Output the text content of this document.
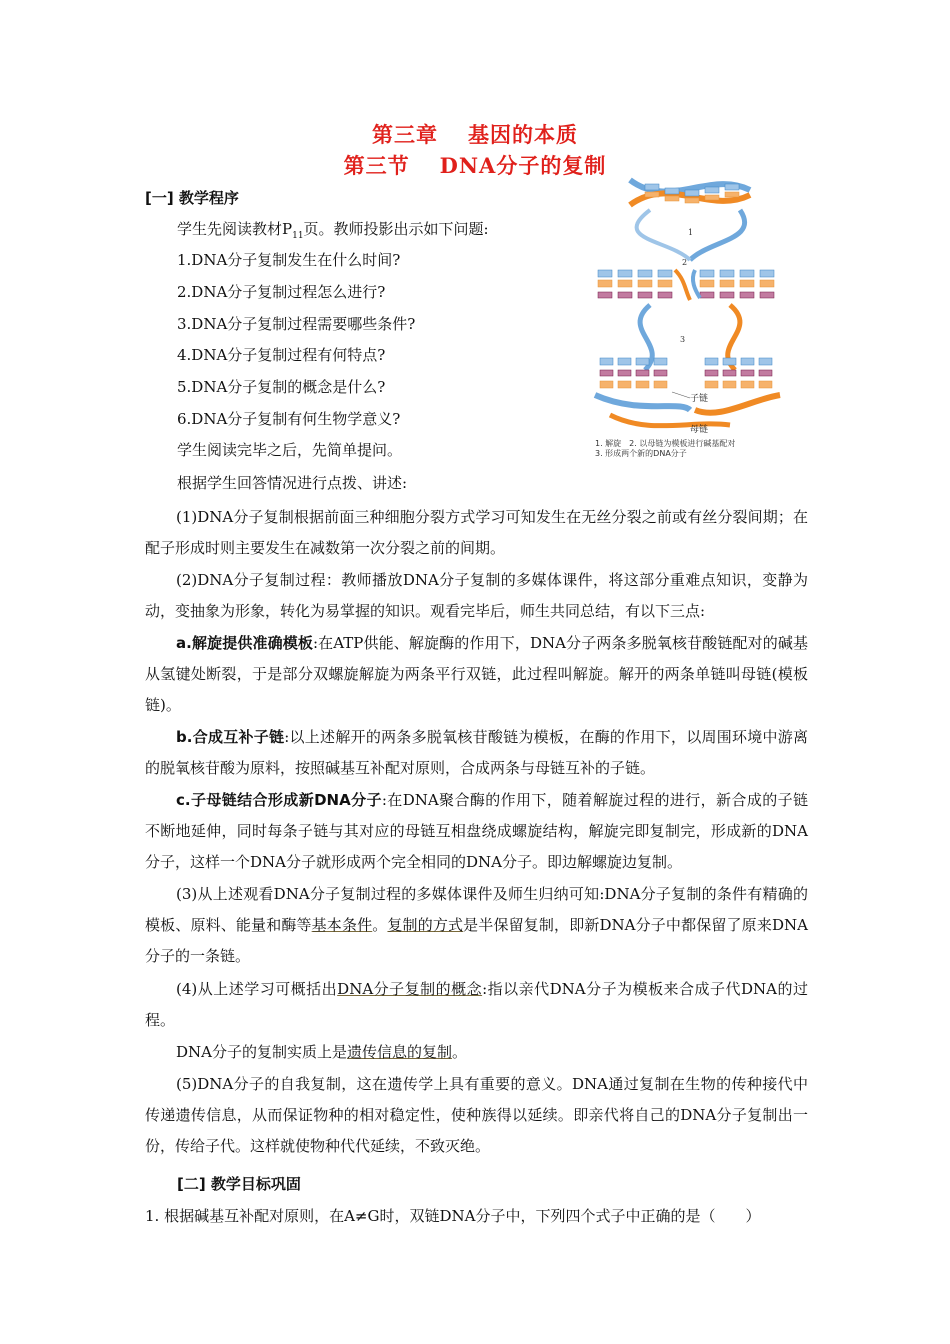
第三章 基因的本质
第三节 DNA分子的复制
[一] 教学程序
学生先阅读教材$P_{11}$页。教师投影出示如下问题:
1.DNA分子复制发生在什么时间?
2.DNA分子复制过程怎么进行?
3.DNA分子复制过程需要哪些条件?
4.DNA分子复制过程有何特点?
5.DNA分子复制的概念是什么?
6.DNA分子复制有何生物学意义?
学生阅读完毕之后，先简单提问。
根据学生回答情况进行点拨、讲述:
1
2
3
子链
母链
1. 解旋　2. 以母链为模板进行碱基配对
3. 形成两个新的DNA分子
(1)DNA分子复制根据前面三种细胞分裂方式学习可知发生在无丝分裂之前或有丝分裂间期；在配子形成时则主要发生在减数第一次分裂之前的间期。
(2)DNA分子复制过程：教师播放DNA分子复制的多媒体课件，将这部分重难点知识，变静为动，变抽象为形象，转化为易掌握的知识。观看完毕后，师生共同总结，有以下三点:
a.解旋提供准确模板:在ATP供能、解旋酶的作用下，DNA分子两条多脱氧核苷酸链配对的碱基从氢键处断裂，于是部分双螺旋解旋为两条平行双链，此过程叫解旋。解开的两条单链叫母链(模板链)。
b.合成互补子链:以上述解开的两条多脱氧核苷酸链为模板，在酶的作用下，以周围环境中游离的脱氧核苷酸为原料，按照碱基互补配对原则，合成两条与母链互补的子链。
c.子母链结合形成新DNA分子:在DNA聚合酶的作用下，随着解旋过程的进行，新合成的子链不断地延伸，同时每条子链与其对应的母链互相盘绕成螺旋结构，解旋完即复制完，形成新的DNA分子，这样一个DNA分子就形成两个完全相同的DNA分子。即边解螺旋边复制。
(3)从上述观看DNA分子复制过程的多媒体课件及师生归纳可知:DNA分子复制的条件有精确的模板、原料、能量和酶等基本条件。复制的方式是半保留复制，即新DNA分子中都保留了原来DNA分子的一条链。
(4)从上述学习可概括出DNA分子复制的概念:指以亲代DNA分子为模板来合成子代DNA的过程。
DNA分子的复制实质上是遗传信息的复制。
(5)DNA分子的自我复制，这在遗传学上具有重要的意义。DNA通过复制在生物的传种接代中传递遗传信息，从而保证物种的相对稳定性，使种族得以延续。即亲代将自己的DNA分子复制出一份，传给子代。这样就使物种代代延续，不致灭绝。
[二] 教学目标巩固
1. 根据碱基互补配对原则，在A≠G时，双链DNA分子中，下列四个式子中正确的是（　　）
